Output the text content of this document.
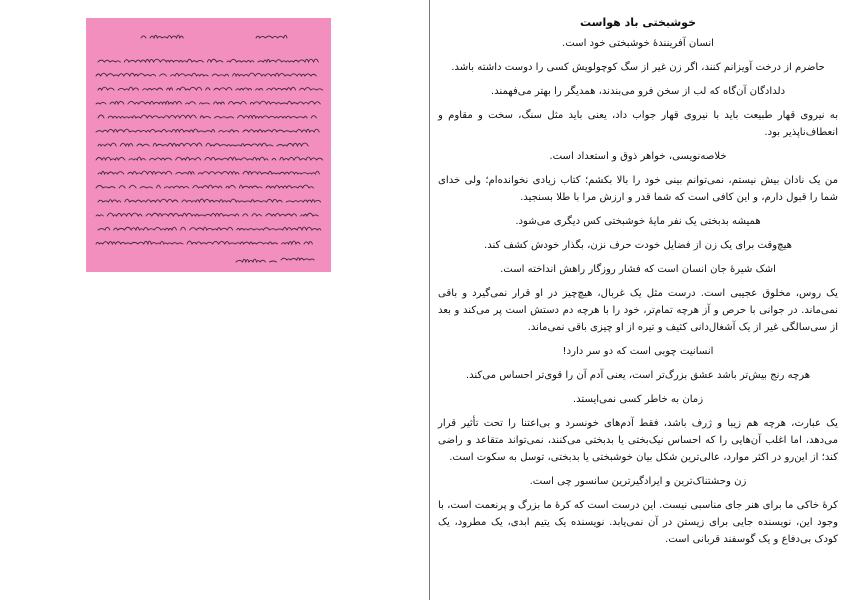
خوشبختی باد هواست

انسان آفرینندهٔ خوشبختی خود است.

حاضرم از درخت آویزانم کنند، اگر زن غیر از سگ کوچولویش کسی را دوست داشته باشد.

دلدادگان آن‌گاه که لب از سخن فرو می‌بندند، همدیگر را بهتر می‌فهمند.

به نیروی قهار طبیعت باید با نیروی قهار جواب داد، یعنی باید مثل سنگ، سخت و مقاوم و انعطاف‌ناپذیر بود.

خلاصه‌نویسی، خواهر ذوق و استعداد است.

من یک نادان بیش نیستم، نمی‌توانم بینی خود را بالا بکشم؛ کتاب زیادی نخوانده‌ام؛ ولی خدای شما را قبول دارم، و این کافی است که شما قدر و ارزش مرا با طلا بسنجید.

همیشه بدبختی یک نفر مایهٔ خوشبختی کس دیگری می‌شود.

هیچ‌وقت برای یک زن از فضایل خودت حرف نزن، بگذار خودش کشف کند.

اشک شیرهٔ جان انسان است که فشار روزگار راهش انداخته است.

یک روس، مخلوق عجیبی است. درست مثل یک غربال، هیچ‌چیز در او قرار نمی‌گیرد و باقی نمی‌ماند. در جوانی با حرص و آز هرچه تمام‌تر، خود را با هرچه دم دستش است پر می‌کند و بعد از سی‌سالگی غیر از یک آشغال‌دانی کثیف و تیره از او چیزی باقی نمی‌ماند.

انسانیت چوبی است که دو سر دارد!

هرچه رنج بیش‌تر باشد عشق بزرگ‌تر است، یعنی آدم آن را قوی‌تر احساس می‌کند.

زمان به خاطر کسی نمی‌ایستد.

یک عبارت، هرچه هم زیبا و ژرف باشد، فقط آدم‌های خونسرد و بی‌اعتنا را تحت تأثیر قرار می‌دهد، اما اغلب آن‌هایی را که احساس نیک‌بختی یا بدبختی می‌کنند، نمی‌تواند متقاعد و راضی کند؛ از این‌رو در اکثر موارد، عالی‌ترین شکل بیان خوشبختی یا بدبختی، توسل به سکوت است.

زن وحشتناک‌ترین و ایرادگیرترین سانسور چی است.

کرهٔ خاکی ما برای هنر جای مناسبی نیست. این درست است که کرهٔ ما بزرگ و پرنعمت است، با وجود این، نویسنده جایی برای زیستن در آن نمی‌یابد. نویسنده یک یتیم ابدی، یک مطرود، یک کودک بی‌دفاع و یک گوسفند قربانی است.
